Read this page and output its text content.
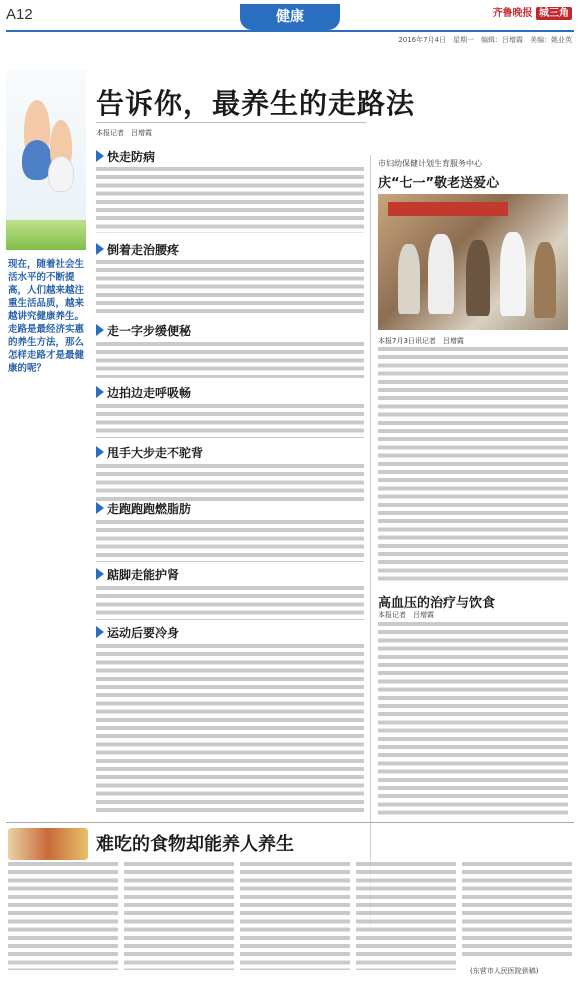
A12	健康	齐鲁晚报 城三角
2016年7月4日　星期一　编辑：吕增霞　美编：姚业英
告诉你，最养生的走路法
本报记者　吕增霞
现在，随着社会生活水平的不断提高，人们越来越注重生活品质，越来越讲究健康养生。走路是最经济实惠的养生方法，那么怎样走路才是最健康的呢？
快走防病
倒着走治腰疼
走一字步缓便秘
边拍边走呼吸畅
甩手大步走不驼背
走跑跑跑燃脂肪
踮脚走能护肾
运动后要冷身
市妇幼保健计划生育服务中心
庆“七一”敬老送爱心
本报7月3日讯记者　吕增霞
高血压的治疗与饮食
本报记者　吕增霞
难吃的食物却能养人养生
(东营市人民医院供稿)
